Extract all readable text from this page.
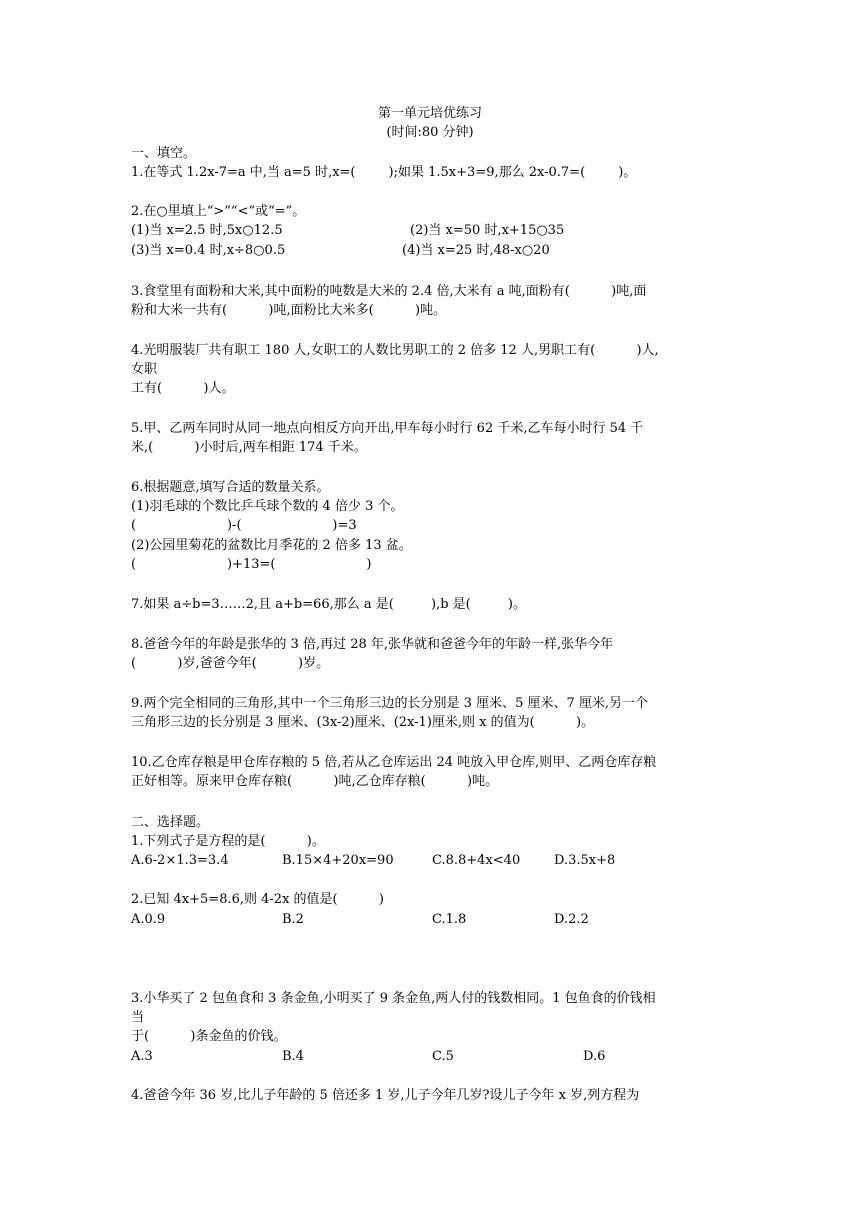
第一单元培优练习
(时间:80 分钟)
一、填空。
1.在等式 1.2x-7=a 中,当 a=5 时,x=(        );如果 1.5x+3=9,那么 2x-0.7=(        )。
2.在○里填上“>”“<”或“=”。
(1)当 x=2.5 时,5x○12.5	(2)当 x=50 时,x+15○35
(3)当 x=0.4 时,x÷8○0.5	(4)当 x=25 时,48-x○20
3.食堂里有面粉和大米,其中面粉的吨数是大米的 2.4 倍,大米有 a 吨,面粉有(          )吨,面
粉和大米一共有(          )吨,面粉比大米多(          )吨。
4.光明服装厂共有职工 180 人,女职工的人数比男职工的 2 倍多 12 人,男职工有(          )人,
女职
工有(          )人。
5.甲、乙两车同时从同一地点向相反方向开出,甲车每小时行 62 千米,乙车每小时行 54 千
米,(          )小时后,两车相距 174 千米。
6.根据题意,填写合适的数量关系。
(1)羽毛球的个数比乒乓球个数的 4 倍少 3 个。
(                      )-(                      )=3
(2)公园里菊花的盆数比月季花的 2 倍多 13 盆。
(                      )+13=(                      )
7.如果 a÷b=3……2,且 a+b=66,那么 a 是(         ),b 是(         )。
8.爸爸今年的年龄是张华的 3 倍,再过 28 年,张华就和爸爸今年的年龄一样,张华今年
(          )岁,爸爸今年(          )岁。
9.两个完全相同的三角形,其中一个三角形三边的长分别是 3 厘米、5 厘米、7 厘米,另一个
三角形三边的长分别是 3 厘米、(3x-2)厘米、(2x-1)厘米,则 x 的值为(          )。
10.乙仓库存粮是甲仓库存粮的 5 倍,若从乙仓库运出 24 吨放入甲仓库,则甲、乙两仓库存粮
正好相等。原来甲仓库存粮(          )吨,乙仓库存粮(          )吨。
二、选择题。
1.下列式子是方程的是(          )。
A.6-2×1.3=3.4	B.15×4+20x=90	C.8.8+4x<40	D.3.5x+8
2.已知 4x+5=8.6,则 4-2x 的值是(          )
A.0.9	B.2	C.1.8	D.2.2
3.小华买了 2 包鱼食和 3 条金鱼,小明买了 9 条金鱼,两人付的钱数相同。1 包鱼食的价钱相
当
于(          )条金鱼的价钱。
A.3	B.4	C.5	D.6
4.爸爸今年 36 岁,比儿子年龄的 5 倍还多 1 岁,儿子今年几岁?设儿子今年 x 岁,列方程为
